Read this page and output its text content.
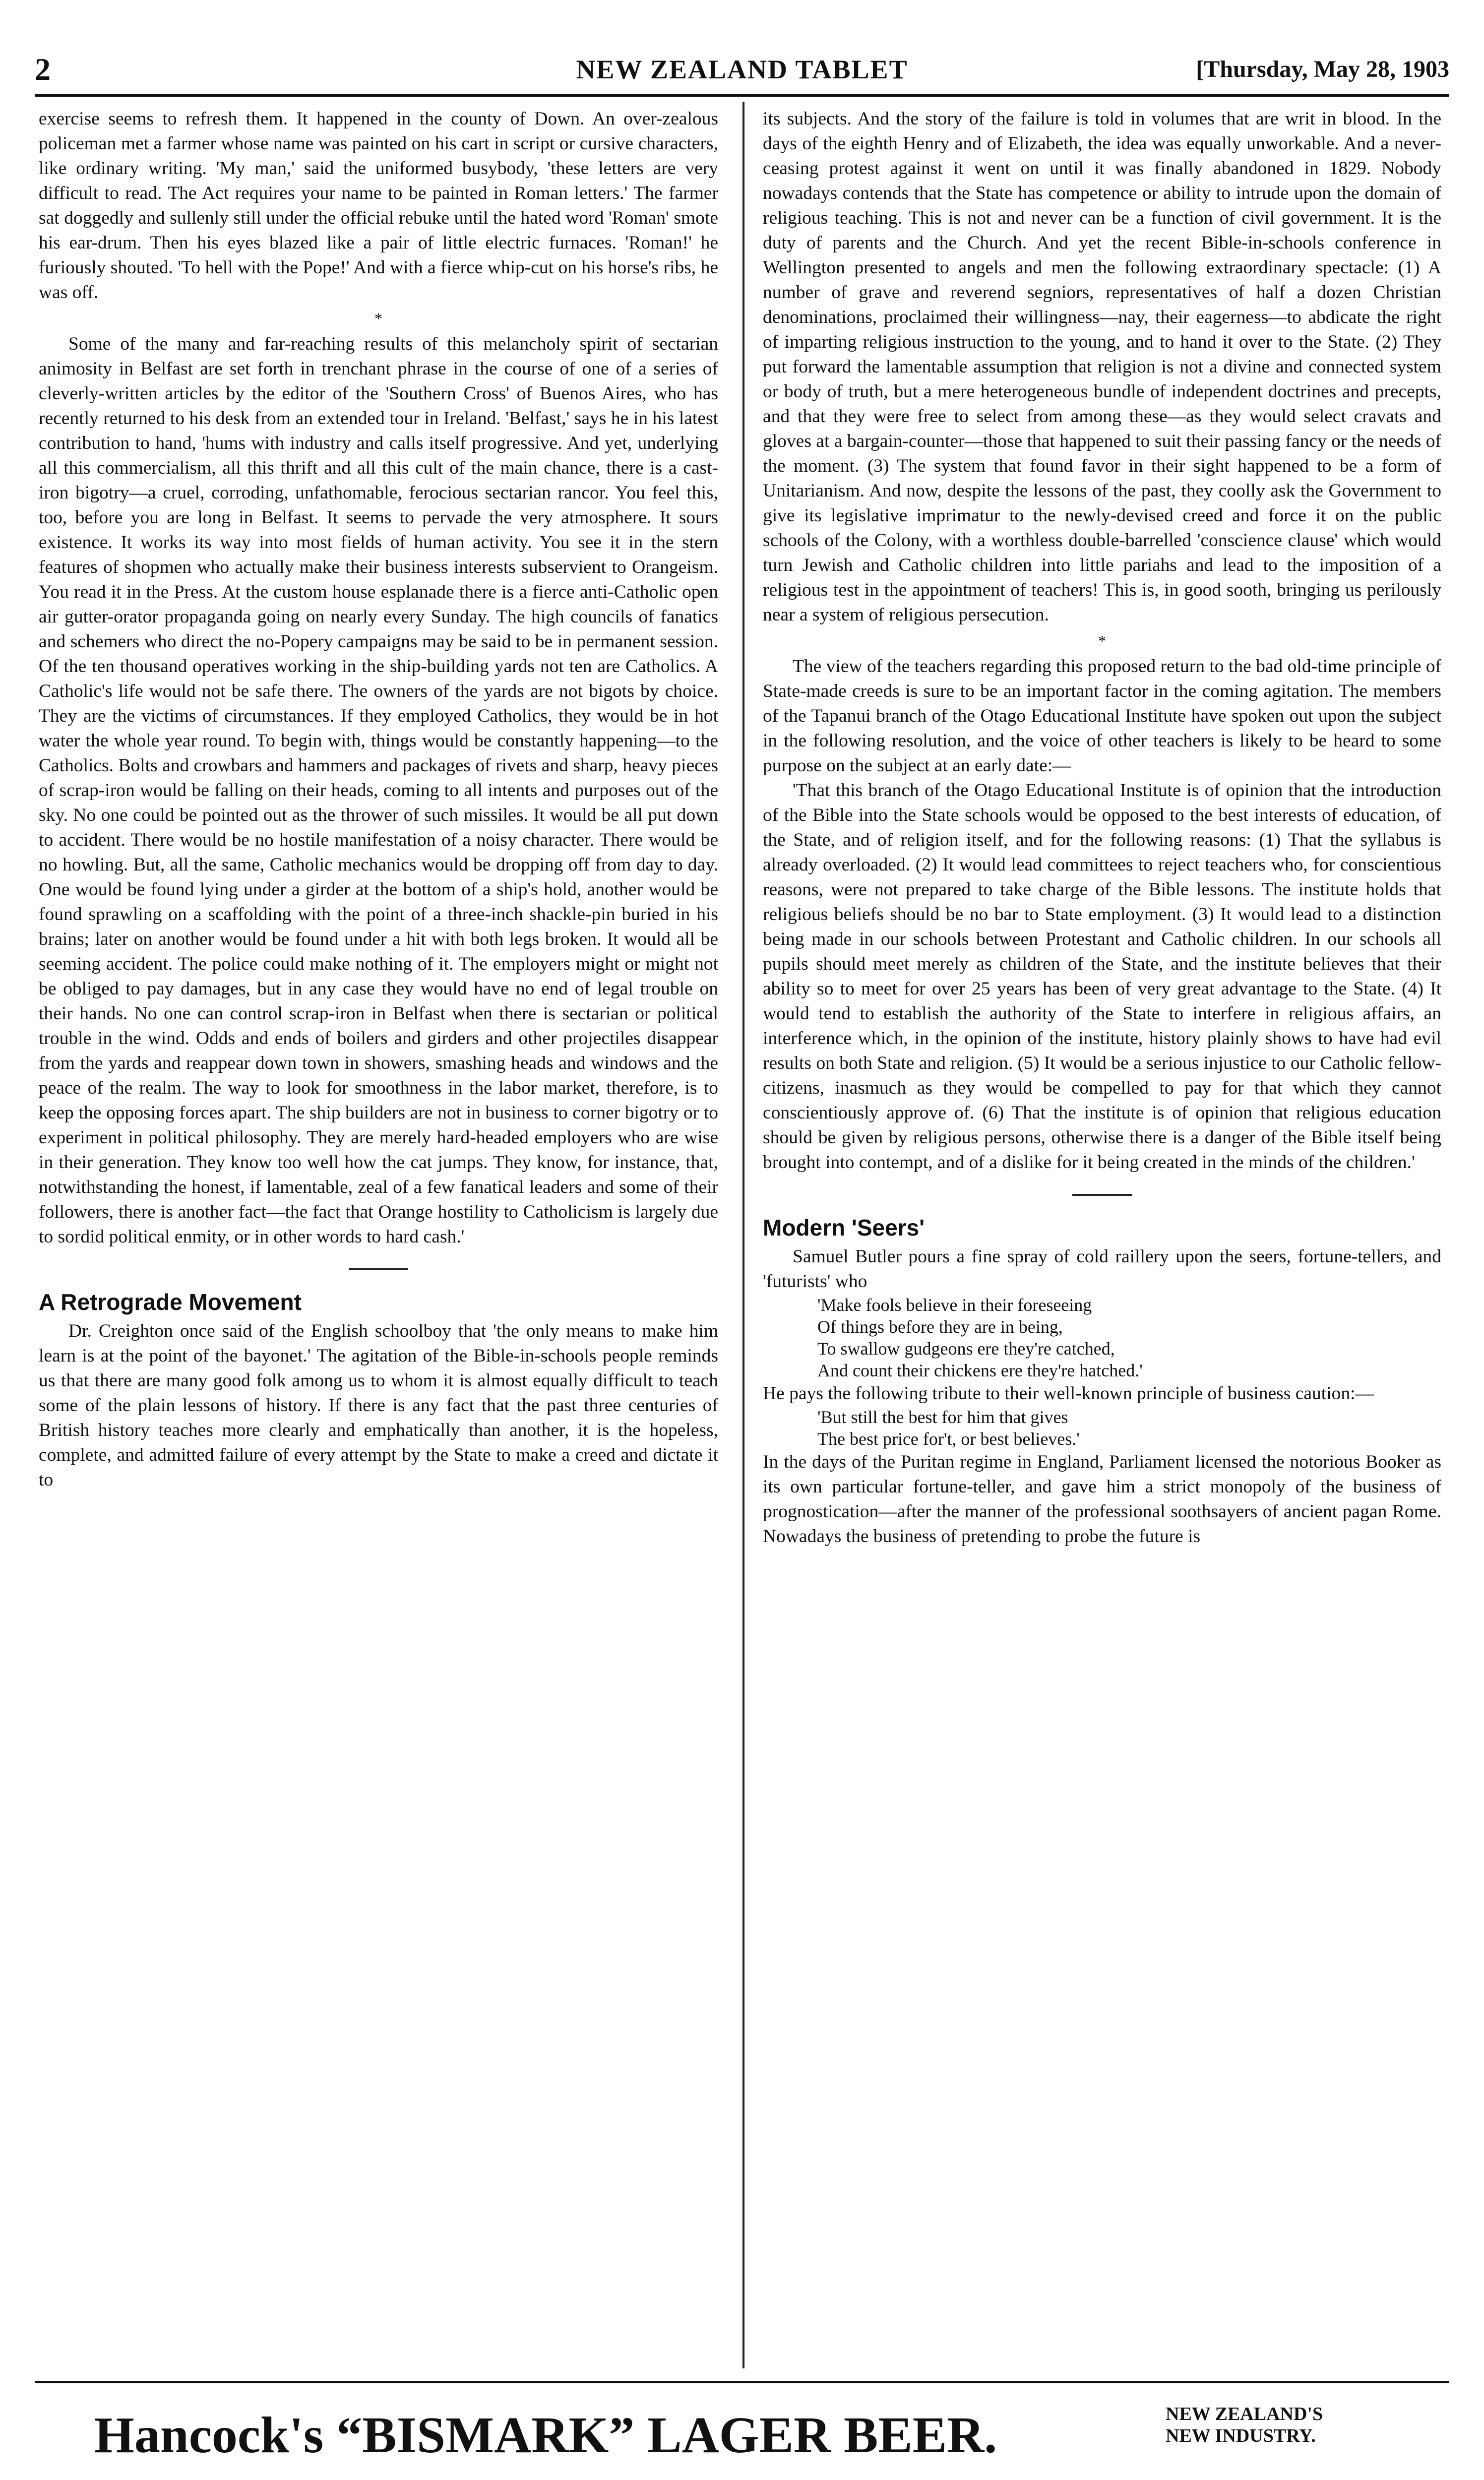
2	NEW ZEALAND TABLET	[Thursday, May 28, 1903

exercise seems to refresh them. It happened in the county of Down. An over-zealous policeman met a farmer whose name was painted on his cart in script or cursive characters, like ordinary writing. 'My man,' said the uniformed busybody, 'these letters are very difficult to read. The Act requires your name to be painted in Roman letters.' The farmer sat doggedly and sullenly still under the official rebuke until the hated word 'Roman' smote his ear-drum. Then his eyes blazed like a pair of little electric furnaces. 'Roman!' he furiously shouted. 'To hell with the Pope!' And with a fierce whip-cut on his horse's ribs, he was off.

*

Some of the many and far-reaching results of this melancholy spirit of sectarian animosity in Belfast are set forth in trenchant phrase in the course of one of a series of cleverly-written articles by the editor of the 'Southern Cross' of Buenos Aires, who has recently returned to his desk from an extended tour in Ireland. 'Belfast,' says he in his latest contribution to hand, 'hums with industry and calls itself progressive. And yet, underlying all this commercialism, all this thrift and all this cult of the main chance, there is a cast-iron bigotry—a cruel, corroding, unfathomable, ferocious sectarian rancor. You feel this, too, before you are long in Belfast. It seems to pervade the very atmosphere. It sours existence. It works its way into most fields of human activity. You see it in the stern features of shopmen who actually make their business interests subservient to Orangeism. You read it in the Press. At the custom house esplanade there is a fierce anti-Catholic open air gutter-orator propaganda going on nearly every Sunday. The high councils of fanatics and schemers who direct the no-Popery campaigns may be said to be in permanent session. Of the ten thousand operatives working in the ship-building yards not ten are Catholics. A Catholic's life would not be safe there. The owners of the yards are not bigots by choice. They are the victims of circumstances. If they employed Catholics, they would be in hot water the whole year round. To begin with, things would be constantly happening—to the Catholics. Bolts and crowbars and hammers and packages of rivets and sharp, heavy pieces of scrap-iron would be falling on their heads, coming to all intents and purposes out of the sky. No one could be pointed out as the thrower of such missiles. It would be all put down to accident. There would be no hostile manifestation of a noisy character. There would be no howling. But, all the same, Catholic mechanics would be dropping off from day to day. One would be found lying under a girder at the bottom of a ship's hold, another would be found sprawling on a scaffolding with the point of a three-inch shackle-pin buried in his brains; later on another would be found under a hit with both legs broken. It would all be seeming accident. The police could make nothing of it. The employers might or might not be obliged to pay damages, but in any case they would have no end of legal trouble on their hands. No one can control scrap-iron in Belfast when there is sectarian or political trouble in the wind. Odds and ends of boilers and girders and other projectiles disappear from the yards and reappear down town in showers, smashing heads and windows and the peace of the realm. The way to look for smoothness in the labor market, therefore, is to keep the opposing forces apart. The ship builders are not in business to corner bigotry or to experiment in political philosophy. They are merely hard-headed employers who are wise in their generation. They know too well how the cat jumps. They know, for instance, that, notwithstanding the honest, if lamentable, zeal of a few fanatical leaders and some of their followers, there is another fact—the fact that Orange hostility to Catholicism is largely due to sordid political enmity, or in other words to hard cash.'

A Retrograde Movement

Dr. Creighton once said of the English schoolboy that 'the only means to make him learn is at the point of the bayonet.' The agitation of the Bible-in-schools people reminds us that there are many good folk among us to whom it is almost equally difficult to teach some of the plain lessons of history. If there is any fact that the past three centuries of British history teaches more clearly and emphatically than another, it is the hopeless, complete, and admitted failure of every attempt by the State to make a creed and dictate it to

its subjects. And the story of the failure is told in volumes that are writ in blood. In the days of the eighth Henry and of Elizabeth, the idea was equally unworkable. And a never-ceasing protest against it went on until it was finally abandoned in 1829. Nobody nowadays contends that the State has competence or ability to intrude upon the domain of religious teaching. This is not and never can be a function of civil government. It is the duty of parents and the Church. And yet the recent Bible-in-schools conference in Wellington presented to angels and men the following extraordinary spectacle: (1) A number of grave and reverend segniors, representatives of half a dozen Christian denominations, proclaimed their willingness—nay, their eagerness—to abdicate the right of imparting religious instruction to the young, and to hand it over to the State. (2) They put forward the lamentable assumption that religion is not a divine and connected system or body of truth, but a mere heterogeneous bundle of independent doctrines and precepts, and that they were free to select from among these—as they would select cravats and gloves at a bargain-counter—those that happened to suit their passing fancy or the needs of the moment. (3) The system that found favor in their sight happened to be a form of Unitarianism. And now, despite the lessons of the past, they coolly ask the Government to give its legislative imprimatur to the newly-devised creed and force it on the public schools of the Colony, with a worthless double-barrelled 'conscience clause' which would turn Jewish and Catholic children into little pariahs and lead to the imposition of a religious test in the appointment of teachers! This is, in good sooth, bringing us perilously near a system of religious persecution.

*

The view of the teachers regarding this proposed return to the bad old-time principle of State-made creeds is sure to be an important factor in the coming agitation. The members of the Tapanui branch of the Otago Educational Institute have spoken out upon the subject in the following resolution, and the voice of other teachers is likely to be heard to some purpose on the subject at an early date:—

'That this branch of the Otago Educational Institute is of opinion that the introduction of the Bible into the State schools would be opposed to the best interests of education, of the State, and of religion itself, and for the following reasons: (1) That the syllabus is already overloaded. (2) It would lead committees to reject teachers who, for conscientious reasons, were not prepared to take charge of the Bible lessons. The institute holds that religious beliefs should be no bar to State employment. (3) It would lead to a distinction being made in our schools between Protestant and Catholic children. In our schools all pupils should meet merely as children of the State, and the institute believes that their ability so to meet for over 25 years has been of very great advantage to the State. (4) It would tend to establish the authority of the State to interfere in religious affairs, an interference which, in the opinion of the institute, history plainly shows to have had evil results on both State and religion. (5) It would be a serious injustice to our Catholic fellow-citizens, inasmuch as they would be compelled to pay for that which they cannot conscientiously approve of. (6) That the institute is of opinion that religious education should be given by religious persons, otherwise there is a danger of the Bible itself being brought into contempt, and of a dislike for it being created in the minds of the children.'

Modern 'Seers'

Samuel Butler pours a fine spray of cold raillery upon the seers, fortune-tellers, and 'futurists' who

'Make fools believe in their foreseeing
Of things before they are in being,
To swallow gudgeons ere they're catched,
And count their chickens ere they're hatched.'

He pays the following tribute to their well-known principle of business caution:—

'But still the best for him that gives
The best price for't, or best believes.'

In the days of the Puritan regime in England, Parliament licensed the notorious Booker as its own particular fortune-teller, and gave him a strict monopoly of the business of prognostication—after the manner of the professional soothsayers of ancient pagan Rome. Nowadays the business of pretending to probe the future is

Hancock's “BISMARK” LAGER BEER.	NEW ZEALAND'S
NEW INDUSTRY.
